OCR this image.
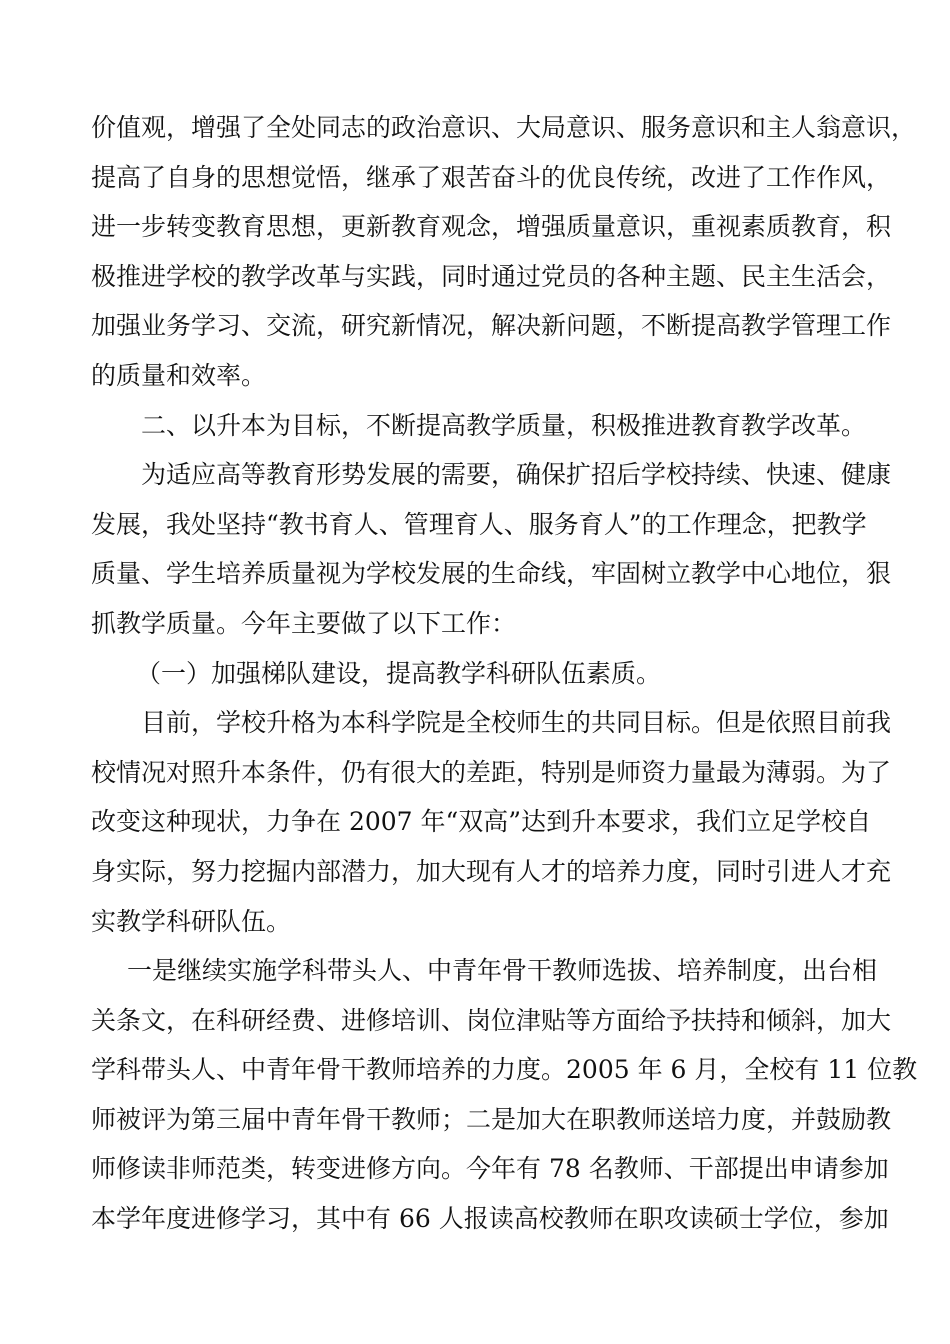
价值观，增强了全处同志的政治意识、大局意识、服务意识和主人翁意识，
提高了自身的思想觉悟，继承了艰苦奋斗的优良传统，改进了工作作风，
进一步转变教育思想，更新教育观念，增强质量意识，重视素质教育，积
极推进学校的教学改革与实践，同时通过党员的各种主题、民主生活会，
加强业务学习、交流，研究新情况，解决新问题，不断提高教学管理工作
的质量和效率。
二、以升本为目标，不断提高教学质量，积极推进教育教学改革。
为适应高等教育形势发展的需要，确保扩招后学校持续、快速、健康
发展，我处坚持“教书育人、管理育人、服务育人”的工作理念，把教学
质量、学生培养质量视为学校发展的生命线，牢固树立教学中心地位，狠
抓教学质量。今年主要做了以下工作：
（一）加强梯队建设，提高教学科研队伍素质。
目前，学校升格为本科学院是全校师生的共同目标。但是依照目前我
校情况对照升本条件，仍有很大的差距，特别是师资力量最为薄弱。为了
改变这种现状，力争在 2007 年“双高”达到升本要求，我们立足学校自
身实际，努力挖掘内部潜力，加大现有人才的培养力度，同时引进人才充
实教学科研队伍。
一是继续实施学科带头人、中青年骨干教师选拔、培养制度，出台相
关条文，在科研经费、进修培训、岗位津贴等方面给予扶持和倾斜，加大
学科带头人、中青年骨干教师培养的力度。2005 年 6 月，全校有 11 位教
师被评为第三届中青年骨干教师；二是加大在职教师送培力度，并鼓励教
师修读非师范类，转变进修方向。今年有 78 名教师、干部提出申请参加
本学年度进修学习，其中有 66 人报读高校教师在职攻读硕士学位，参加
